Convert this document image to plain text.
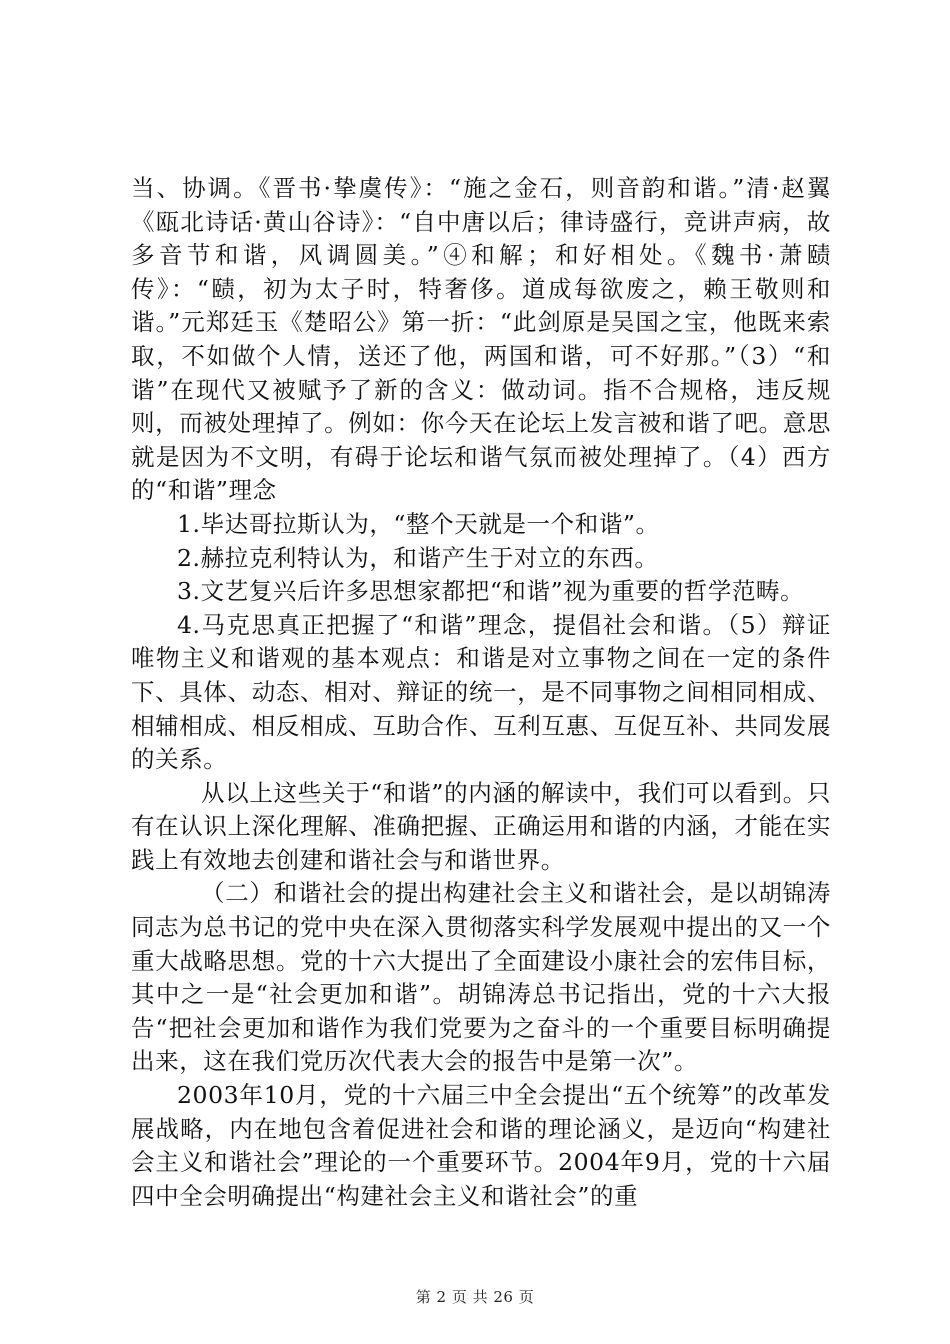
当、协调。《晋书·挚虞传》：“施之金石，则音韵和谐。”清·赵翼《瓯北诗话·黄山谷诗》：“自中唐以后；律诗盛行，竞讲声病，故多音节和谐，风调圆美。”④和解；和好相处。《魏书·萧赜传》：“赜，初为太子时，特奢侈。道成每欲废之，赖王敬则和谐。”元郑廷玉《楚昭公》第一折：“此剑原是吴国之宝，他既来索取，不如做个人情，送还了他，两国和谐，可不好那。”（3）“和谐”在现代又被赋予了新的含义：做动词。指不合规格，违反规则，而被处理掉了。例如：你今天在论坛上发言被和谐了吧。意思就是因为不文明，有碍于论坛和谐气氛而被处理掉了。（4）西方的“和谐”理念

1.毕达哥拉斯认为，“整个天就是一个和谐”。

2.赫拉克利特认为，和谐产生于对立的东西。

3.文艺复兴后许多思想家都把“和谐”视为重要的哲学范畴。

4.马克思真正把握了“和谐”理念，提倡社会和谐。（5）辩证唯物主义和谐观的基本观点：和谐是对立事物之间在一定的条件下、具体、动态、相对、辩证的统一，是不同事物之间相同相成、相辅相成、相反相成、互助合作、互利互惠、互促互补、共同发展的关系。

从以上这些关于“和谐”的内涵的解读中，我们可以看到。只有在认识上深化理解、准确把握、正确运用和谐的内涵，才能在实践上有效地去创建和谐社会与和谐世界。

（二）和谐社会的提出构建社会主义和谐社会，是以胡锦涛同志为总书记的党中央在深入贯彻落实科学发展观中提出的又一个重大战略思想。党的十六大提出了全面建设小康社会的宏伟目标，其中之一是“社会更加和谐”。胡锦涛总书记指出，党的十六大报告“把社会更加和谐作为我们党要为之奋斗的一个重要目标明确提出来，这在我们党历次代表大会的报告中是第一次”。

2003年10月，党的十六届三中全会提出“五个统筹”的改革发展战略，内在地包含着促进社会和谐的理论涵义，是迈向“构建社会主义和谐社会”理论的一个重要环节。2004年9月，党的十六届四中全会明确提出“构建社会主义和谐社会”的重

第 2 页 共 26 页
